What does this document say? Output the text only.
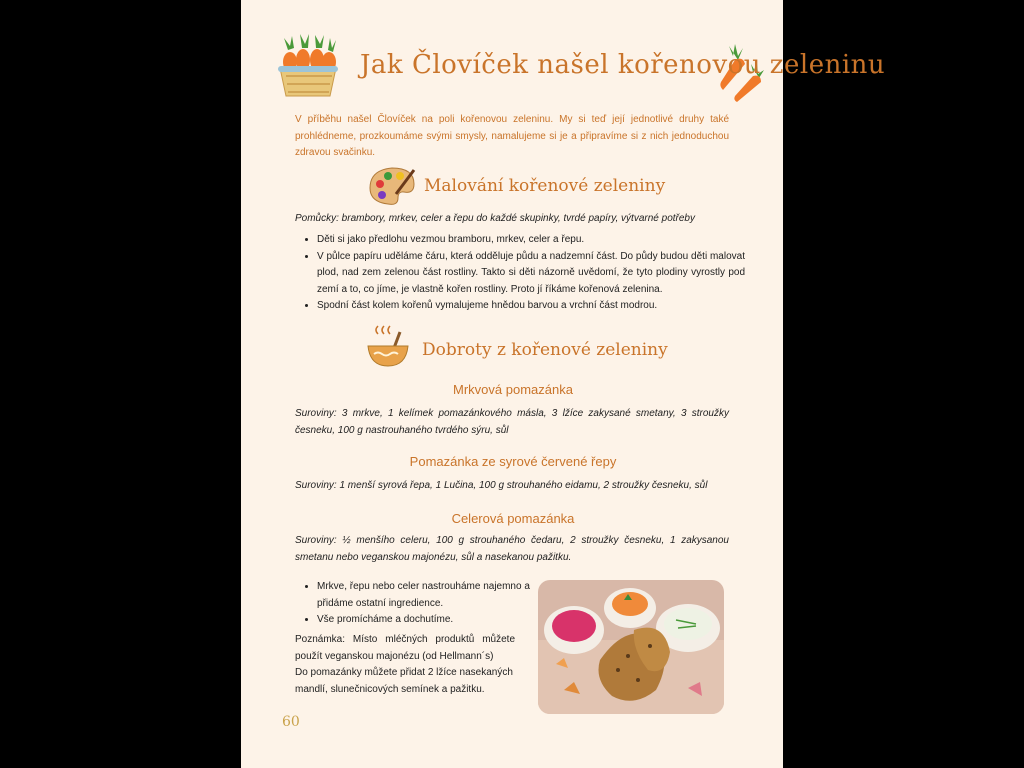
Jak Človíček našel kořenovou zeleninu
V příběhu našel Človíček na poli kořenovou zeleninu. My si teď její jednotlivé druhy také prohlédneme, prozkoumáme svými smysly, namalujeme si je a připravíme si z nich jednoduchou zdravou svačinku.
Malování kořenové zeleniny
Pomůcky: brambory, mrkev, celer a řepu do každé skupinky, tvrdé papíry, výtvarné potřeby
• Děti si jako předlohu vezmou bramboru, mrkev, celer a řepu.
• V půlce papíru uděláme čáru, která odděluje půdu a nadzemní část. Do půdy budou děti malovat plod, nad zem zelenou část rostliny. Takto si děti názorně uvědomí, že tyto plodiny vyrostly pod zemí a to, co jíme, je vlastně kořen rostliny. Proto jí říkáme kořenová zelenina.
• Spodní část kolem kořenů vymalujeme hnědou barvou a vrchní část modrou.
Dobroty z kořenové zeleniny
Mrkvová pomazánka
Suroviny: 3 mrkve, 1 kelímek pomazánkového másla, 3 lžíce zakysané smetany, 3 stroužky česneku, 100 g nastrouhaného tvrdého sýru, sůl
Pomazánka ze syrové červené řepy
Suroviny: 1 menší syrová řepa, 1 Lučina, 100 g strouhaného eidamu, 2 stroužky česneku, sůl
Celerová pomazánka
Suroviny: ½ menšího celeru, 100 g strouhaného čedaru, 2 stroužky česneku, 1 zakysanou smetanu nebo veganskou majonézu, sůl a nasekanou pažitku.
• Mrkve, řepu nebo celer nastrouháme najemno a přidáme ostatní ingredience.
• Vše promícháme a dochutíme.
Poznámka: Místo mléčných produktů můžete použít veganskou majonézu (od Hellmann´s)
Do pomazánky můžete přidat 2 lžíce nasekaných mandlí, slunečnicových semínek a pažitku.
60
